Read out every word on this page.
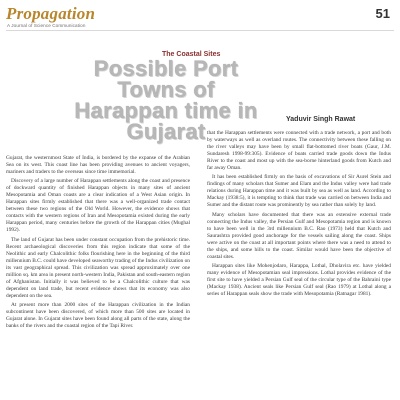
Propagation
A Journal of Science Communication
51
The Coastal Sites
Possible Port Towns of Harappan time in Gujarat	Yaduvir Singh Rawat

Gujarat, the westernmost State of India, is bordered by the expanse of the Arabian Sea on its west. This coast line has been providing avenues to ancient voyagers, mariners and traders to the overseas since time immemorial.

Discovery of a large number of Harappan settlements along the coast and presence of dockward quantity of finished Harappan objects in many sites of ancient Mesopotamia and Oman coasts are a clear indication of a West Asian origin. In Harappan sites firmly established that there was a well-organized trade contact between these two regions of the Old World. However, the evidence shows that contacts with the western regions of Iran and Mesopotamia existed during the early Harappan period, many centuries before the growth of the Harappan cities (Mughal 1992).

The land of Gujarat has been under constant occupation from the prehistoric time. Recent archaeological discoveries from this region indicate that some of the Neolithic and early Chalcolithic folks flourishing here in the beginning of the third millennium B.C. could have developed seaworthy trading of the Indus civilization on its vast geographical spread. This civilization was spread approximately over one million sq. km area in present north-western India, Pakistan and south-eastern region of Afghanistan. Initially it was believed to be a Chalcolithic culture that was dependent on land trade, but recent evidence shows that its economy was also dependent on the sea.

At present more than 2000 sites of the Harappan civilization in the Indian subcontinent have been discovered, of which more than 500 sites are located in Gujarat alone. In Gujarat sites have been found along all parts of the state, along the banks of the rivers and the coastal region of the Tapi River.

that the Harappan settlements were connected with a trade network, a port and both by waterways as well as overland routes. The connectivity between these falling on the river valleys may have been by small flat-bottomed river boats (Gaur, J.M. Sundaresh 1998-99:305). Evidence of boats carried trade goods down the Indus River to the coast and most up with the sea-borne hinterland goods from Kutch and far away Oman.

It has been established firmly on the basis of excavations of Sir Aurel Stein and findings of many scholars that Sumer and Elam and the Indus valley were had trade relations during Harappan time and it was built by sea as well as land. According to Mackay (1938:5), it is tempting to think that trade was carried on between India and Sumer and the distant route was prominently by sea rather than solely by land.

Many scholars have documented that there was an extensive external trade connecting the Indus valley, the Persian Gulf and Mesopotamia region and is known to have been well in the 3rd millennium B.C. Rao (1973) held that Kutch and Saurashtra provided good anchorage for the vessels sailing along the coast. Ships were active on the coast at all important points where there was a need to attend to the ships, and some hills to the coast. Similar would have been the objective of coastal sites.

Harappan sites like Mohenjodaro, Harappa, Lothal, Dholavira etc. have yielded many evidence of Mesopotamian seal impressions. Lothal provides evidence of the first site to have yielded a Persian Gulf seal of the circular type of the Bahraini type (Mackay 1938). Ancient seals like Persian Gulf seal (Rao 1979) at Lothal along a series of Harappan seals show the trade with Mesopotamia (Ratnagar 1981).
